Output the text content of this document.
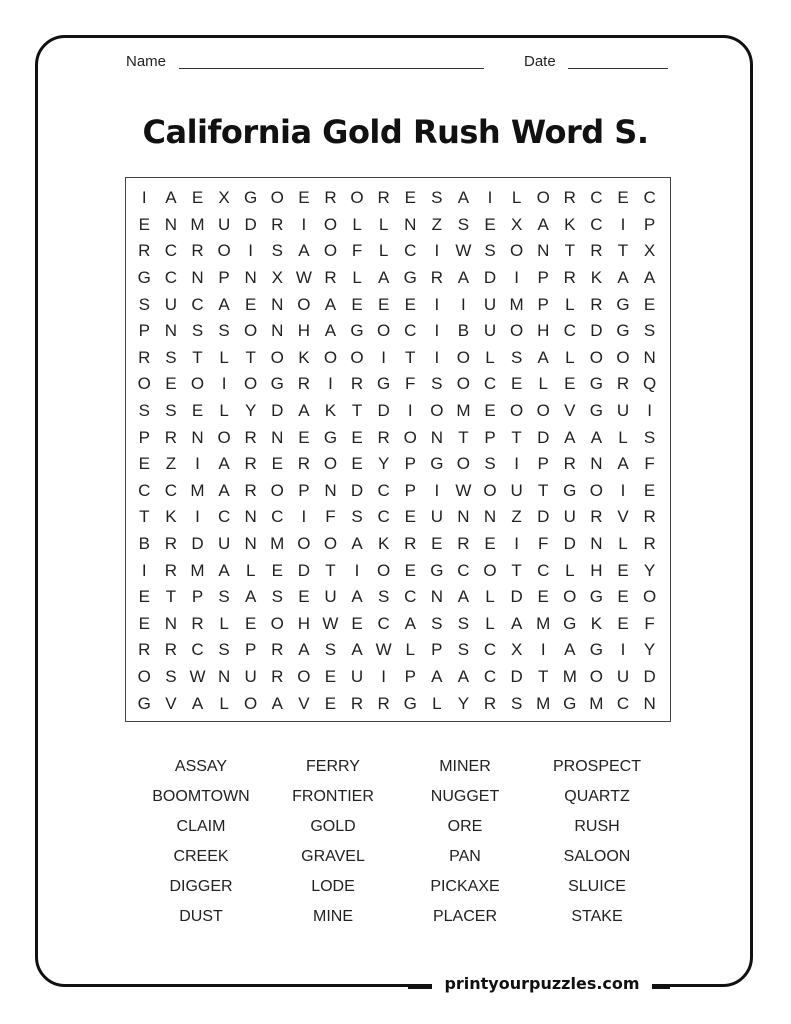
Name	Date
California Gold Rush Word S.
I	A E X G O E R O R E S A	I	L O R C E C
E N M U D R	I	O L	L N Z S E X A K C	I	P
R C R O	I	S A O F L C	I W S O N T R T X
G C N P N X W R L A G R A D	I	P R K A A
S U C A E N O A E E E	I	I	U M P L R G E
P N S S O N H A G O C	I	B U O H C D G S
R S T L T O K O O	I	T	I	O L S A L O O N
O E O	I	O G R	I	R G F S O C E L E G R Q
S S E L Y D A K T D	I	O M E O O V G U	I
P R N O R N E G E R O N T P T D A A L S
E Z	I	A R E R O E Y P G O S	I	P R N A F
C C M A R O P N D C P	I W O U T G O	I	E
T K	I	C N C	I	F S C E U N N Z D U R V R
B R D U N M O O A K R E R E	I	F D N L R
I	R M A L E D T	I	O E G C O T C L H E Y
E T P S A S E U A S C N A L D E O G E O
E N R L E O H W E C A S S L A M G K E F
R R C S P R A S A W L P S C X	I	A G	I	Y
O S W N U R O E U	I	P A A C D T M O U D
G V A L O A V E R R G L Y R S M G M C N
ASSAY	FERRY	MINER	PROSPECT
BOOMTOWN	FRONTIER	NUGGET	QUARTZ
CLAIM	GOLD	ORE	RUSH
CREEK	GRAVEL	PAN	SALOON
DIGGER	LODE	PICKAXE	SLUICE
DUST	MINE	PLACER	STAKE
printyourpuzzles.com
